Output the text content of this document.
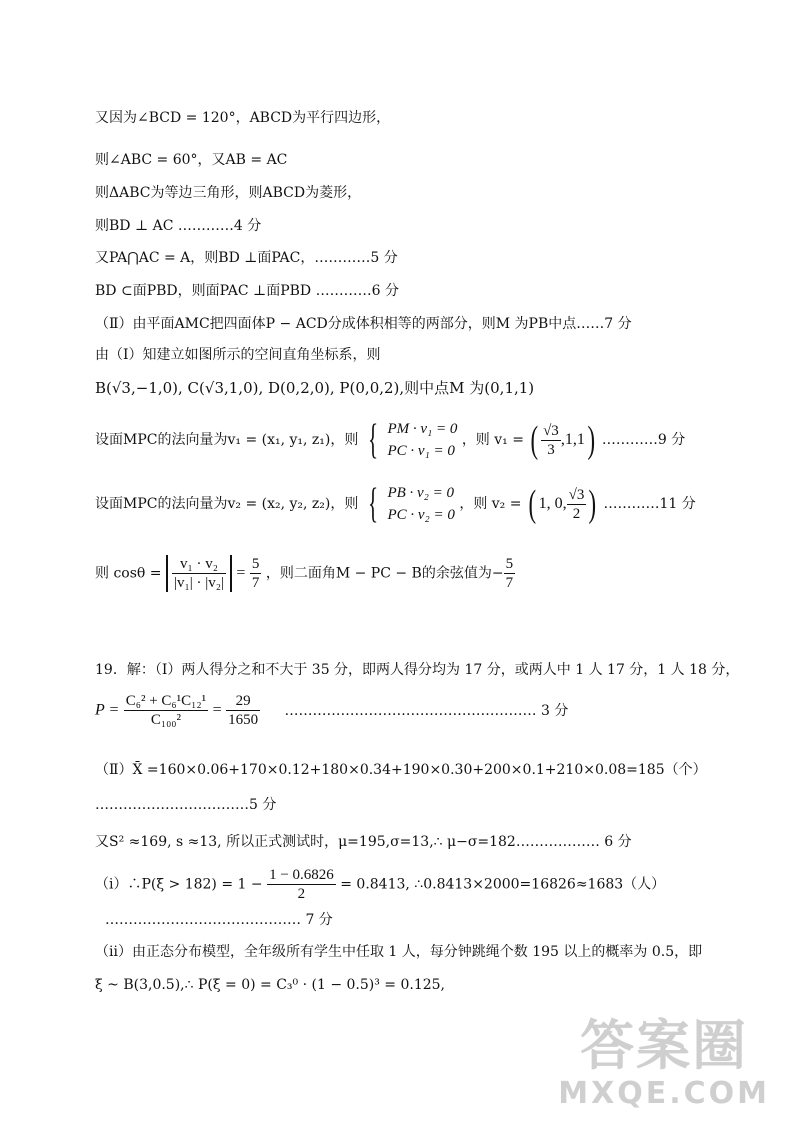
又因为∠BCD = 120°，ABCD为平行四边形，
则∠ABC = 60°，又AB = AC
则ΔABC为等边三角形，则ABCD为菱形，
则BD ⊥ AC …………4 分
又PA⋂AC = A，则BD ⊥面PAC，…………5 分
BD ⊂面PBD，则面PAC ⊥面PBD …………6 分
（Ⅱ）由平面AMC把四面体P − ACD分成体积相等的两部分，则M 为PB中点……7 分
由（Ⅰ）知建立如图所示的空间直角坐标系，则
B(√3,−1,0), C(√3,1,0), D(0,2,0), P(0,0,2),则中点M 为(0,1,1)
设面MPC的法向量为v₁ = (x₁, y₁, z₁)，则 { PM · v₁ = 0
PC · v₁ = 0
，则 v₁ = ( $\frac{√3}{3} ,1,1$) …………9 分
设面MPC的法向量为v₂ = (x₂, y₂, z₂)，则 { PB · v₂ = 0
PC · v₂ = 0
，则 v₂ = ( 1, 0, $\frac{√3}{2}$ ) …………11 分
则 $\cos\theta = \frac{\text{v₁ · v₂}}{\text{|v₁| · |v₂|}} = \frac{5}{7}$ ，则二面角M − PC − B的余弦值为− $\frac{5}{7}$
19．解：（Ⅰ）两人得分之和不大于 35 分，即两人得分均为 17 分，或两人中 1 人 17 分，1 人 18 分，
$P = \frac{\text{C₆² + C₆¹C₁₂¹}}{\text{C₁₀₀²}} = \frac{29}{1650}$ ……………………………………………… 3 分
（Ⅱ）X̄ =160×0.06+170×0.12+180×0.34+190×0.30+200×0.1+210×0.08=185（个）
……………………………5 分
又S² ≈169, s ≈13, 所以正式测试时，μ=195,σ=13,∴ μ−σ=182……………… 6 分
（ⅰ）∴P(ξ > $182) = 1 - \frac{1 - 0.6826}{2} = 0.8413$, ∴0.8413×2000=16826≈1683（人）
…………………………………… 7 分
（ⅱ）由正态分布模型，全年级所有学生中任取 1 人，每分钟跳绳个数 195 以上的概率为 0.5，即
ξ ~ B(3,0.5),∴ P(ξ = 0) = C₃⁰ · (1 − 0.5)³ = 0.125,
答案圈
MXQE.COM
